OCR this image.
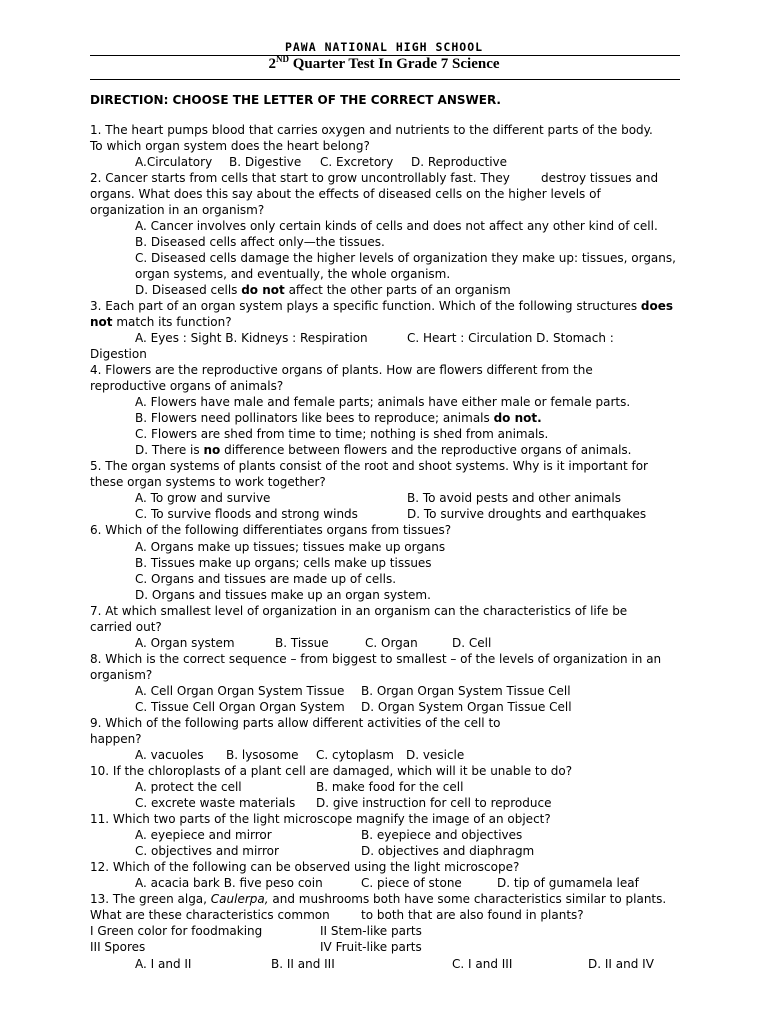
PAWA NATIONAL HIGH SCHOOL
2ND Quarter Test In Grade 7 Science
DIRECTION: CHOOSE THE LETTER OF THE CORRECT ANSWER.
1. The heart pumps blood that carries oxygen and nutrients to the different parts of the body.
To which organ system does the heart belong?
A.Circulatory B. Digestive C. Excretory D. Reproductive
2. Cancer starts from cells that start to grow uncontrollably fast. They	destroy tissues and
organs. What does this say about the effects of diseased cells on the higher levels of
organization in an organism?
A. Cancer involves only certain kinds of cells and does not affect any other kind of cell.
B. Diseased cells affect only—the tissues.
C. Diseased cells damage the higher levels of organization they make up: tissues, organs,
organ systems, and eventually, the whole organism.
D. Diseased cells do not affect the other parts of an organism
3. Each part of an organ system plays a specific function. Which of the following structures does
not match its function?
A. Eyes : Sight B. Kidneys : Respiration	C. Heart : Circulation D. Stomach :
Digestion
4. Flowers are the reproductive organs of plants. How are flowers different from the
reproductive organs of animals?
A. Flowers have male and female parts; animals have either male or female parts.
B. Flowers need pollinators like bees to reproduce; animals do not.
C. Flowers are shed from time to time; nothing is shed from animals.
D. There is no difference between flowers and the reproductive organs of animals.
5. The organ systems of plants consist of the root and shoot systems. Why is it important for
these organ systems to work together?
A. To grow and survive	B. To avoid pests and other animals
C. To survive floods and strong winds	D. To survive droughts and earthquakes
6. Which of the following differentiates organs from tissues?
A. Organs make up tissues; tissues make up organs
B. Tissues make up organs; cells make up tissues
C. Organs and tissues are made up of cells.
D. Organs and tissues make up an organ system.
7. At which smallest level of organization in an organism can the characteristics of life be
carried out?
A. Organ system	B. Tissue	C. Organ	D. Cell
8. Which is the correct sequence – from biggest to smallest – of the levels of organization in an
organism?
A. Cell Organ Organ System Tissue B. Organ Organ System Tissue Cell
C. Tissue Cell Organ Organ System D. Organ System Organ Tissue Cell
9. Which of the following parts allow different activities of the cell to
happen?
A. vacuoles B. lysosome C. cytoplasm D. vesicle
10. If the chloroplasts of a plant cell are damaged, which will it be unable to do?
A. protect the cell	B. make food for the cell
C. excrete waste materials D. give instruction for cell to reproduce
11. Which two parts of the light microscope magnify the image of an object?
A. eyepiece and mirror	B. eyepiece and objectives
C. objectives and mirror	D. objectives and diaphragm
12. Which of the following can be observed using the light microscope?
A. acacia bark B. five peso coin	C. piece of stone	D. tip of gumamela leaf
13. The green alga, Caulerpa, and mushrooms both have some characteristics similar to plants.
What are these characteristics common	to both that are also found in plants?
I Green color for foodmaking	II Stem-like parts
III Spores	IV Fruit-like parts
A. I and II	B. II and III	C. I and III	D. II and IV
